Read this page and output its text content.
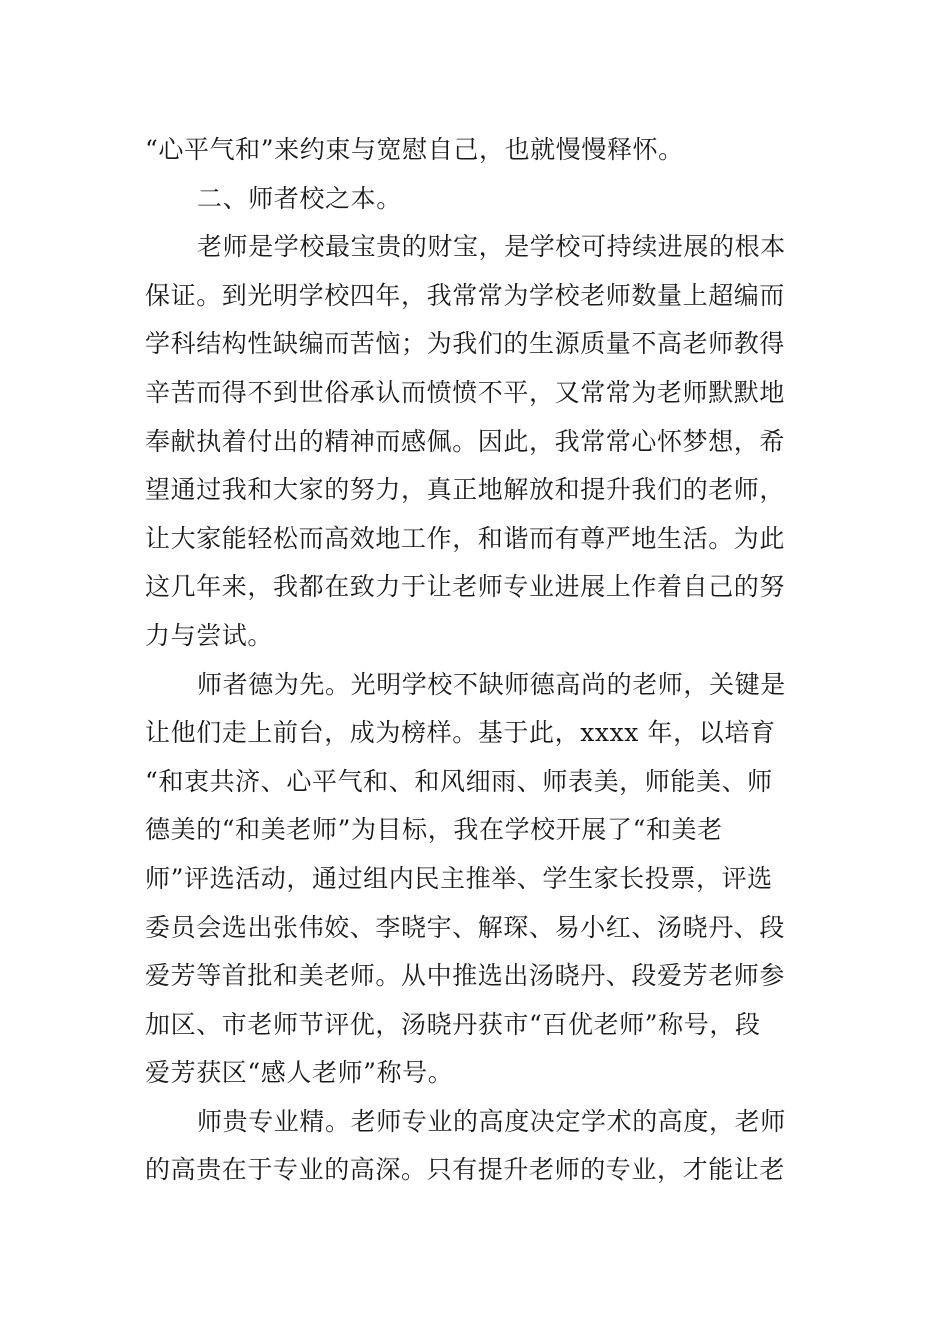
“心平气和”来约束与宽慰自己，也就慢慢释怀。
二、师者校之本。
老师是学校最宝贵的财宝，是学校可持续进展的根本
保证。到光明学校四年，我常常为学校老师数量上超编而
学科结构性缺编而苦恼；为我们的生源质量不高老师教得
辛苦而得不到世俗承认而愤愤不平，又常常为老师默默地
奉献执着付出的精神而感佩。因此，我常常心怀梦想，希
望通过我和大家的努力，真正地解放和提升我们的老师，
让大家能轻松而高效地工作，和谐而有尊严地生活。为此
这几年来，我都在致力于让老师专业进展上作着自己的努
力与尝试。
师者德为先。光明学校不缺师德高尚的老师，关键是
让他们走上前台，成为榜样。基于此，xxxx 年，以培育
“和衷共济、心平气和、和风细雨、师表美，师能美、师
德美的“和美老师”为目标，我在学校开展了“和美老
师”评选活动，通过组内民主推举、学生家长投票，评选
委员会选出张伟姣、李晓宇、解琛、易小红、汤晓丹、段
爱芳等首批和美老师。从中推选出汤晓丹、段爱芳老师参
加区、市老师节评优，汤晓丹获市“百优老师”称号，段
爱芳获区“感人老师”称号。
师贵专业精。老师专业的高度决定学术的高度，老师
的高贵在于专业的高深。只有提升老师的专业，才能让老
